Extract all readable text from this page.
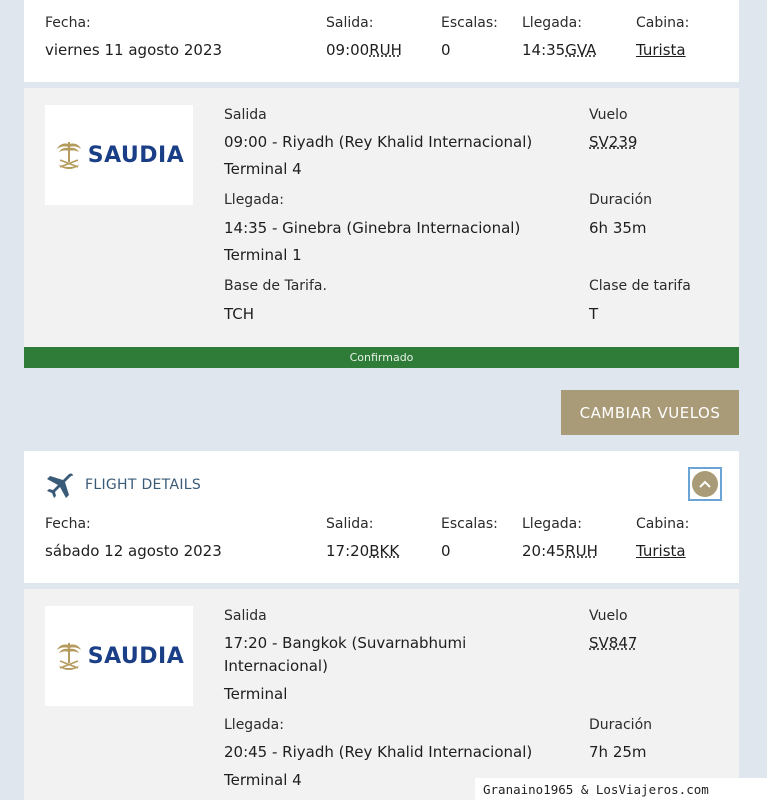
Fecha:
viernes 11 agosto 2023
Salida:
09:00RUH
Escalas:
0
Llegada:
14:35GVA
Cabina:
Turista
SAUDIA
Salida
09:00 - Riyadh (Rey Khalid Internacional)
Terminal 4
Vuelo
SV239
Llegada:
14:35 - Ginebra (Ginebra Internacional)
Terminal 1
Duración
6h 35m
Base de Tarifa.
TCH
Clase de tarifa
T
Confirmado
CAMBIAR VUELOS
FLIGHT DETAILS
Fecha:
sábado 12 agosto 2023
Salida:
17:20BKK
Escalas:
0
Llegada:
20:45RUH
Cabina:
Turista
SAUDIA
Salida
17:20 - Bangkok (Suvarnabhumi
Internacional)
Terminal
Vuelo
SV847
Llegada:
20:45 - Riyadh (Rey Khalid Internacional)
Terminal 4
Duración
7h 25m
Granaino1965 & LosViajeros.com
